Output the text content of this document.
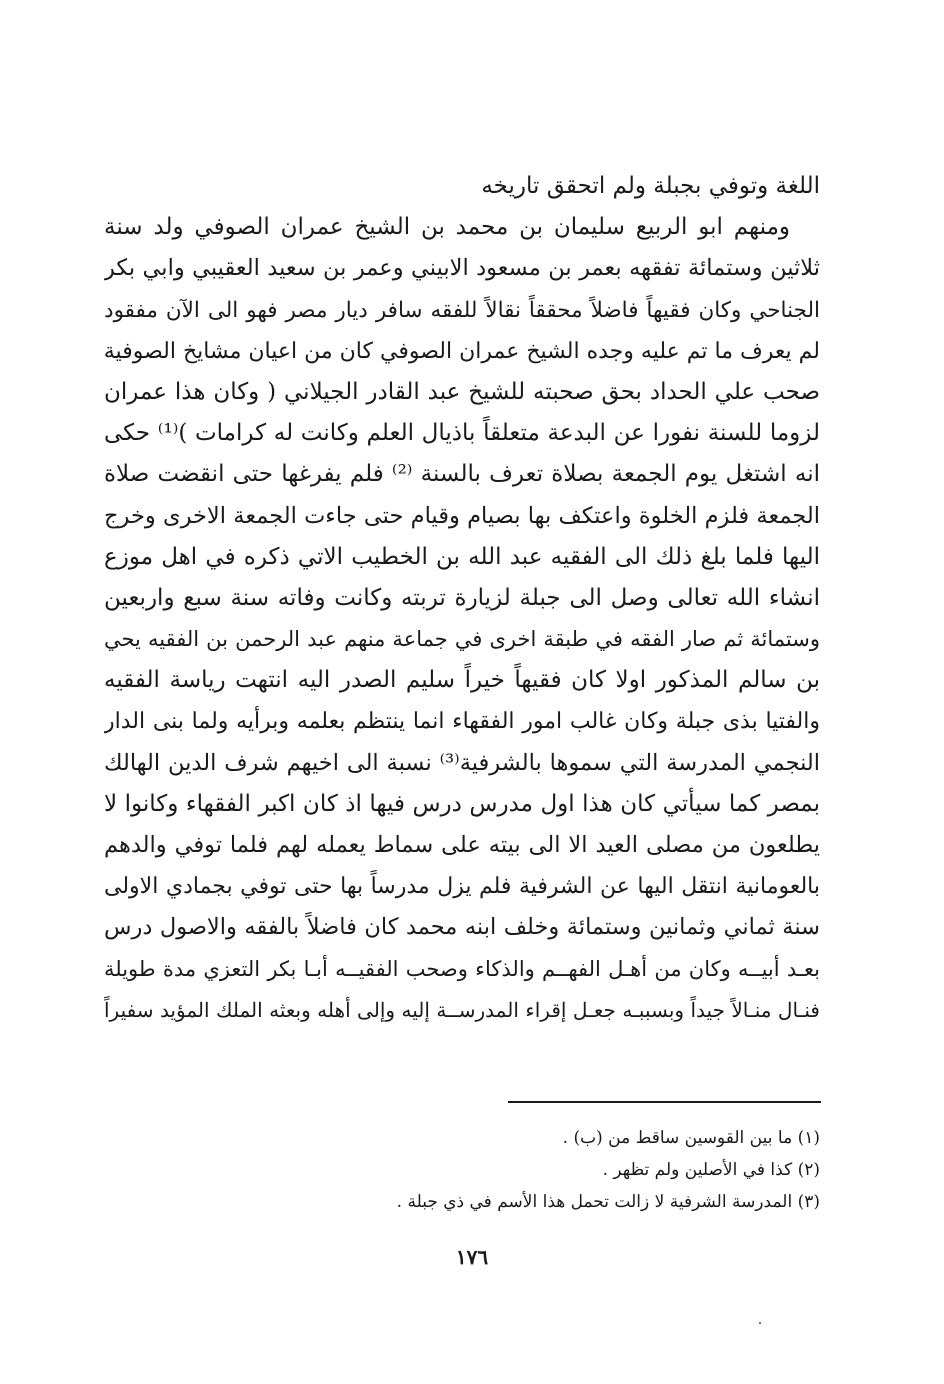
اللغة وتوفي بجبلة ولم اتحقق تاريخه
ومنهم ابو الربيع سليمان بن محمد بن الشيخ عمران الصوفي ولد سنة
ثلاثين وستمائة تفقهه بعمر بن مسعود الابيني وعمر بن سعيد العقيبي وابي بكر
الجناحي وكان فقيهاً فاضلاً محققاً نقالاً للفقه سافر ديار مصر فهو الى الآن مفقود
لم يعرف ما تم عليه وجده الشيخ عمران الصوفي كان من اعيان مشايخ الصوفية
صحب علي الحداد بحق صحبته للشيخ عبد القادر الجيلاني ( وكان هذا عمران
لزوما للسنة نفورا عن البدعة متعلقاً باذيال العلم وكانت له كرامات )⁽¹⁾ حكى
انه اشتغل يوم الجمعة بصلاة تعرف بالسنة ⁽²⁾ فلم يفرغها حتى انقضت صلاة
الجمعة فلزم الخلوة واعتكف بها بصيام وقيام حتى جاءت الجمعة الاخرى وخرج
اليها فلما بلغ ذلك الى الفقيه عبد الله بن الخطيب الاتي ذكره في اهل موزع
انشاء الله تعالى وصل الى جبلة لزيارة تربته وكانت وفاته سنة سبع واربعين
وستمائة ثم صار الفقه في طبقة اخرى في جماعة منهم عبد الرحمن بن الفقيه يحي
بن سالم المذكور اولا كان فقيهاً خيراً سليم الصدر اليه انتهت رياسة الفقيه
والفتيا بذى جبلة وكان غالب امور الفقهاء انما ينتظم بعلمه وبرأيه ولما بنى الدار
النجمي المدرسة التي سموها بالشرفية⁽³⁾ نسبة الى اخيهم شرف الدين الهالك
بمصر كما سيأتي كان هذا اول مدرس درس فيها اذ كان اكبر الفقهاء وكانوا لا
يطلعون من مصلى العيد الا الى بيته على سماط يعمله لهم فلما توفي والدهم
بالعومانية انتقل اليها عن الشرفية فلم يزل مدرساً بها حتى توفي بجمادي الاولى
سنة ثماني وثمانين وستمائة وخلف ابنه محمد كان فاضلاً بالفقه والاصول درس
بعـد أبيــه وكان من أهـل الفهــم والذكاء وصحب الفقيــه أبـا بكر التعزي مدة طويلة
فنـال منـالاً جيداً وبسببـه جعـل إقراء المدرســة إليه وإلى أهله وبعثه الملك المؤيد سفيراً
(١) ما بين القوسين ساقط من (ب) .
(٢) كذا في الأصلين ولم تظهر .
(٣) المدرسة الشرفية لا زالت تحمل هذا الأسم في ذي جبلة .
١٧٦
